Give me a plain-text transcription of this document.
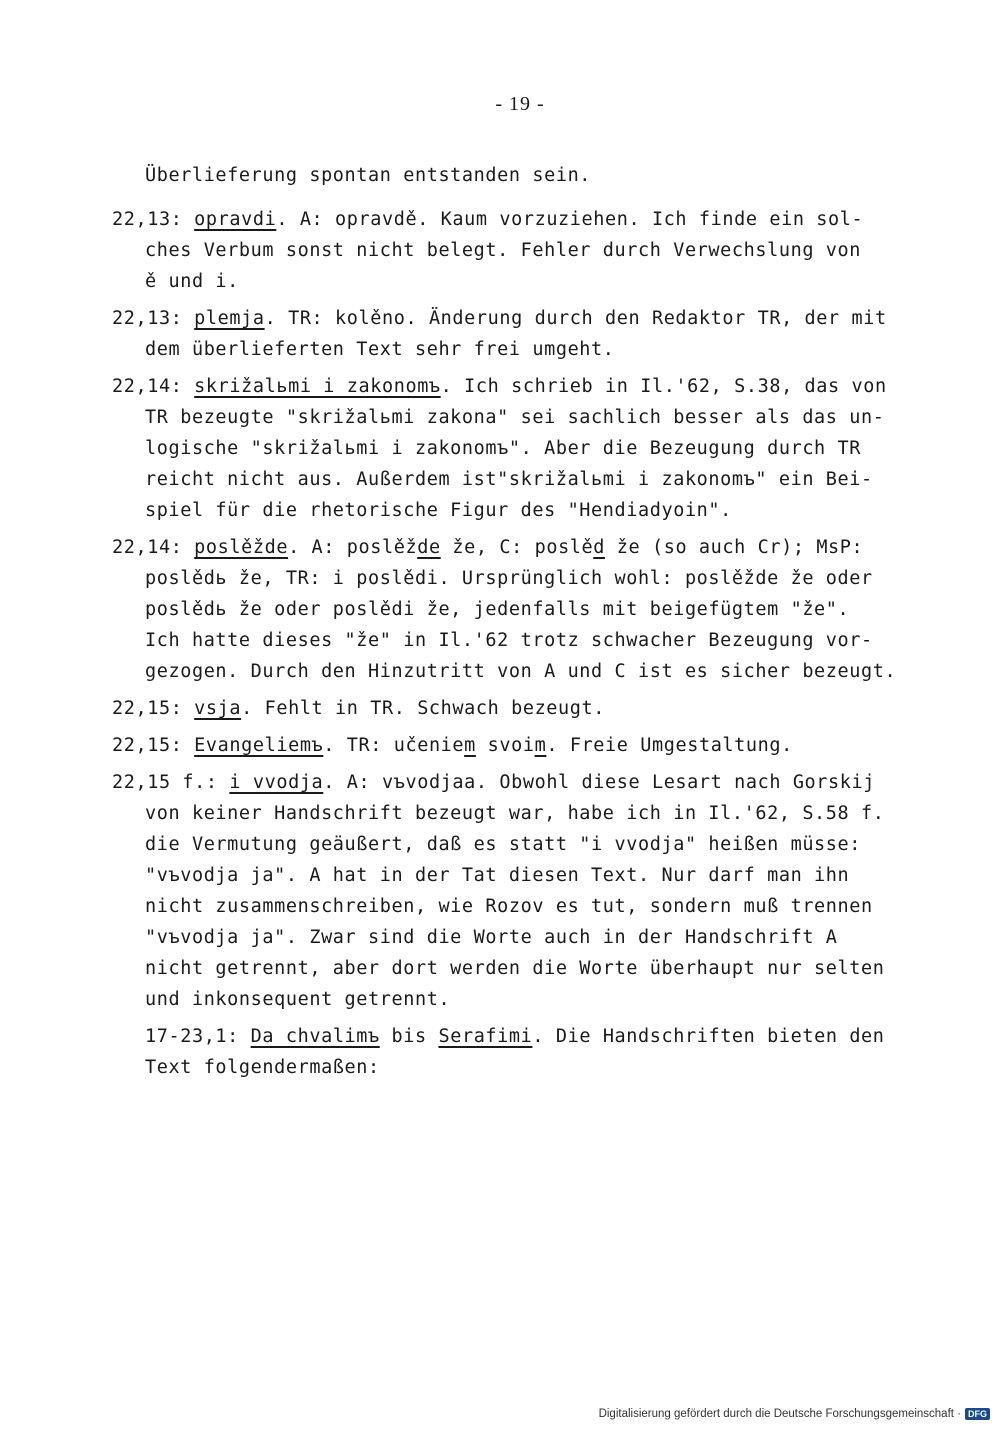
- 19 -
Überlieferung spontan entstanden sein.
22,13: opravdi. A: opravdě. Kaum vorzuziehen. Ich finde ein sol-
ches Verbum sonst nicht belegt. Fehler durch Verwechslung von
ě und i.
22,13: plemja. TR: kolěno. Änderung durch den Redaktor TR, der mit
dem überlieferten Text sehr frei umgeht.
22,14: skrižalьmi i zakonomъ. Ich schrieb in Il.'62, S.38, das von
TR bezeugte "skrižalьmi zakona" sei sachlich besser als das un-
logische "skrižalьmi i zakonomъ". Aber die Bezeugung durch TR
reicht nicht aus. Außerdem ist"skrižalьmi i zakonomъ" ein Bei-
spiel für die rhetorische Figur des "Hendiadyoin".
22,14: poslěžde. A: poslěžde že, C: poslěd že (so auch Cr); MsP:
poslědь že, TR: i poslědi. Ursprünglich wohl: poslěžde že oder
poslědь že oder poslědi že, jedenfalls mit beigefügtem "že".
Ich hatte dieses "že" in Il.'62 trotz schwacher Bezeugung vor-
gezogen. Durch den Hinzutritt von A und C ist es sicher bezeugt.
22,15: vsja. Fehlt in TR. Schwach bezeugt.
22,15: Evangeliemъ. TR: učeniem svoim. Freie Umgestaltung.
22,15 f.: i vvodja. A: vъvodjaa. Obwohl diese Lesart nach Gorskij
von keiner Handschrift bezeugt war, habe ich in Il.'62, S.58 f.
die Vermutung geäußert, daß es statt "i vvodja" heißen müsse:
"vъvodja ja". A hat in der Tat diesen Text. Nur darf man ihn
nicht zusammenschreiben, wie Rozov es tut, sondern muß trennen
"vъvodja ja". Zwar sind die Worte auch in der Handschrift A
nicht getrennt, aber dort werden die Worte überhaupt nur selten
und inkonsequent getrennt.
17-23,1: Da chvalimъ bis Serafimi. Die Handschriften bieten den
Text folgendermaßen:
Digitalisierung gefördert durch die Deutsche Forschungsgemeinschaft · DFG
